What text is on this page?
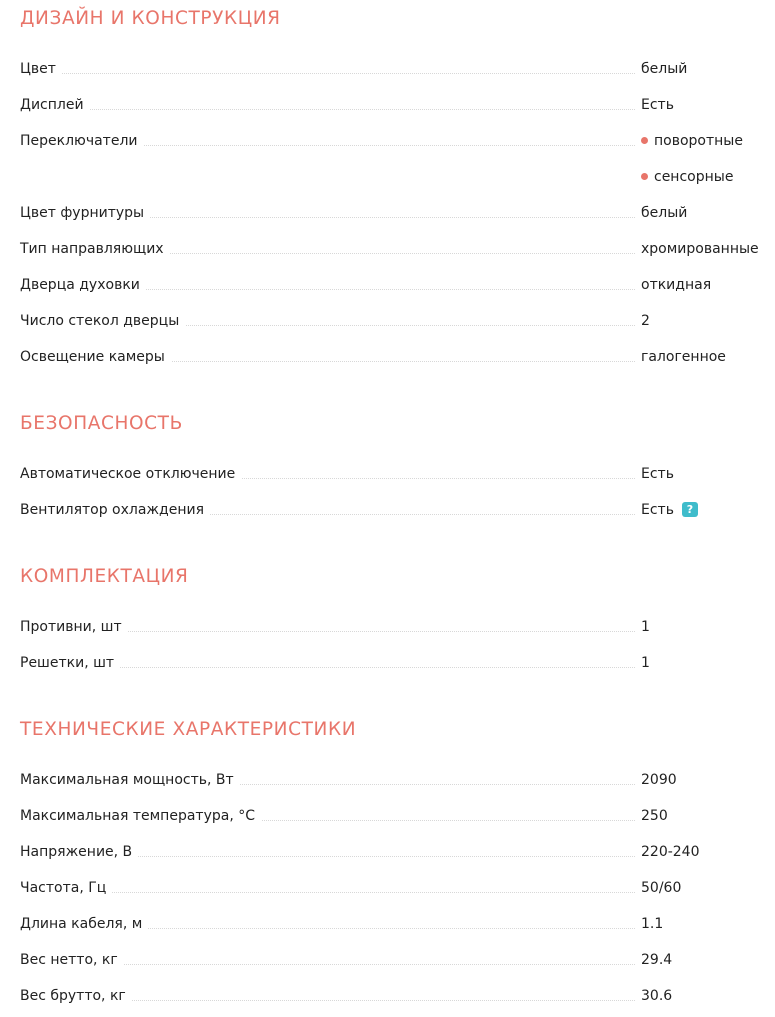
ДИЗАЙН И КОНСТРУКЦИЯ
Цвет	белый
Дисплей	Есть
Переключатели	поворотные
сенсорные
Цвет фурнитуры	белый
Тип направляющих	хромированные
Дверца духовки	откидная
Число стекол дверцы	2
Освещение камеры	галогенное
БЕЗОПАСНОСТЬ
Автоматическое отключение	Есть
Вентилятор охлаждения	Есть ?
КОМПЛЕКТАЦИЯ
Противни, шт	1
Решетки, шт	1
ТЕХНИЧЕСКИЕ ХАРАКТЕРИСТИКИ
Максимальная мощность, Вт	2090
Максимальная температура, °C	250
Напряжение, В	220-240
Частота, Гц	50/60
Длина кабеля, м	1.1
Вес нетто, кг	29.4
Вес брутто, кг	30.6
